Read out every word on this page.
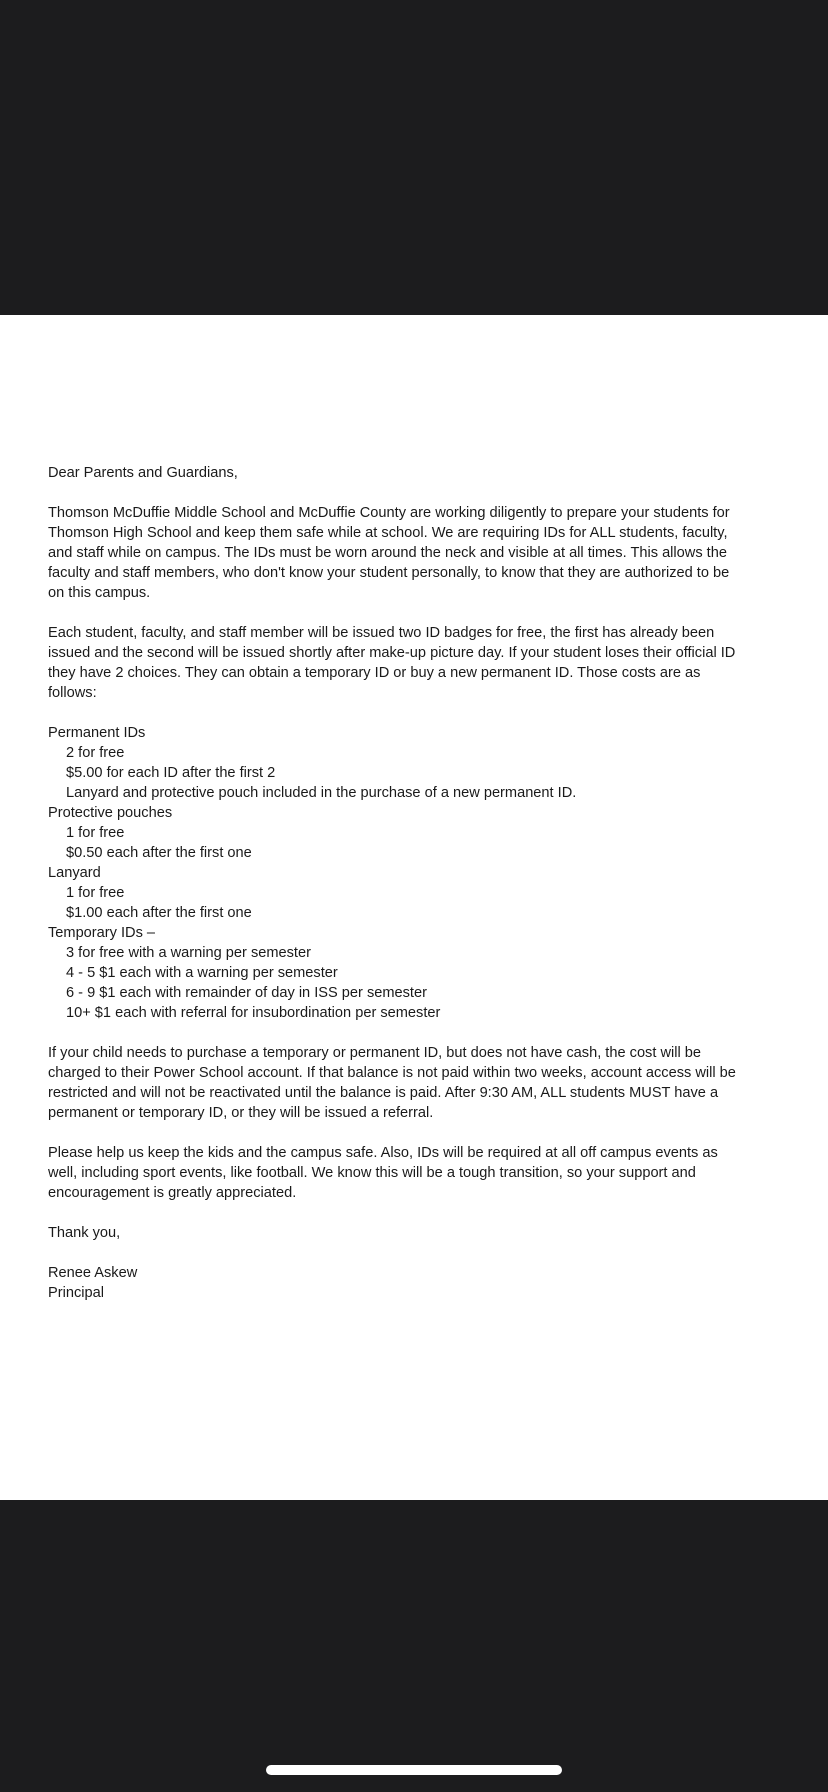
Dear Parents and Guardians,

Thomson McDuffie Middle School and McDuffie County are working diligently to prepare your students for Thomson High School and keep them safe while at school. We are requiring IDs for ALL students, faculty, and staff while on campus. The IDs must be worn around the neck and visible at all times. This allows the faculty and staff members, who don't know your student personally, to know that they are authorized to be on this campus.

Each student, faculty, and staff member will be issued two ID badges for free, the first has already been issued and the second will be issued shortly after make-up picture day. If your student loses their official ID they have 2 choices. They can obtain a temporary ID or buy a new permanent ID. Those costs are as follows:

Permanent IDs

2 for free

$5.00 for each ID after the first 2

Lanyard and protective pouch included in the purchase of a new permanent ID.

Protective pouches

1 for free

$0.50 each after the first one

Lanyard

1 for free

$1.00 each after the first one

Temporary IDs –

3 for free with a warning per semester

4 - 5 $1 each with a warning per semester

6 - 9 $1 each with remainder of day in ISS per semester

10+ $1 each with referral for insubordination per semester

If your child needs to purchase a temporary or permanent ID, but does not have cash, the cost will be charged to their Power School account. If that balance is not paid within two weeks, account access will be restricted and will not be reactivated until the balance is paid. After 9:30 AM, ALL students MUST have a permanent or temporary ID, or they will be issued a referral.

Please help us keep the kids and the campus safe. Also, IDs will be required at all off campus events as well, including sport events, like football. We know this will be a tough transition, so your support and encouragement is greatly appreciated.

Thank you,

Renee Askew

Principal
